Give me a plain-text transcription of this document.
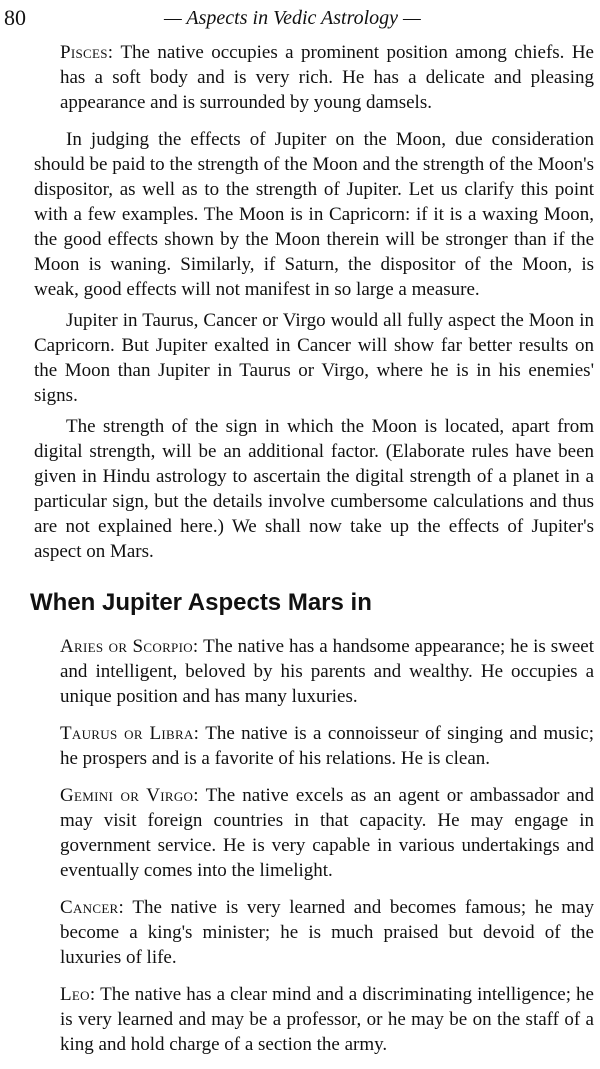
80	— Aspects in Vedic Astrology —

Pisces: The native occupies a prominent position among chiefs. He has a soft body and is very rich. He has a delicate and pleasing appearance and is surrounded by young damsels.

In judging the effects of Jupiter on the Moon, due consideration should be paid to the strength of the Moon and the strength of the Moon's dispositor, as well as to the strength of Jupiter. Let us clarify this point with a few examples. The Moon is in Capricorn: if it is a waxing Moon, the good effects shown by the Moon therein will be stronger than if the Moon is waning. Similarly, if Saturn, the dispositor of the Moon, is weak, good effects will not manifest in so large a measure.

Jupiter in Taurus, Cancer or Virgo would all fully aspect the Moon in Capricorn. But Jupiter exalted in Cancer will show far better results on the Moon than Jupiter in Taurus or Virgo, where he is in his enemies' signs.

The strength of the sign in which the Moon is located, apart from digital strength, will be an additional factor. (Elaborate rules have been given in Hindu astrology to ascertain the digital strength of a planet in a particular sign, but the details involve cumbersome calculations and thus are not explained here.) We shall now take up the effects of Jupiter's aspect on Mars.

When Jupiter Aspects Mars in

Aries or Scorpio: The native has a handsome appearance; he is sweet and intelligent, beloved by his parents and wealthy. He occupies a unique position and has many luxuries.

Taurus or Libra: The native is a connoisseur of singing and music; he prospers and is a favorite of his relations. He is clean.

Gemini or Virgo: The native excels as an agent or ambassador and may visit foreign countries in that capacity. He may engage in government service. He is very capable in various undertakings and eventually comes into the limelight.

Cancer: The native is very learned and becomes famous; he may become a king's minister; he is much praised but devoid of the luxuries of life.

Leo: The native has a clear mind and a discriminating intelligence; he is very learned and may be a professor, or he may be on the staff of a king and hold charge of a section the army.
